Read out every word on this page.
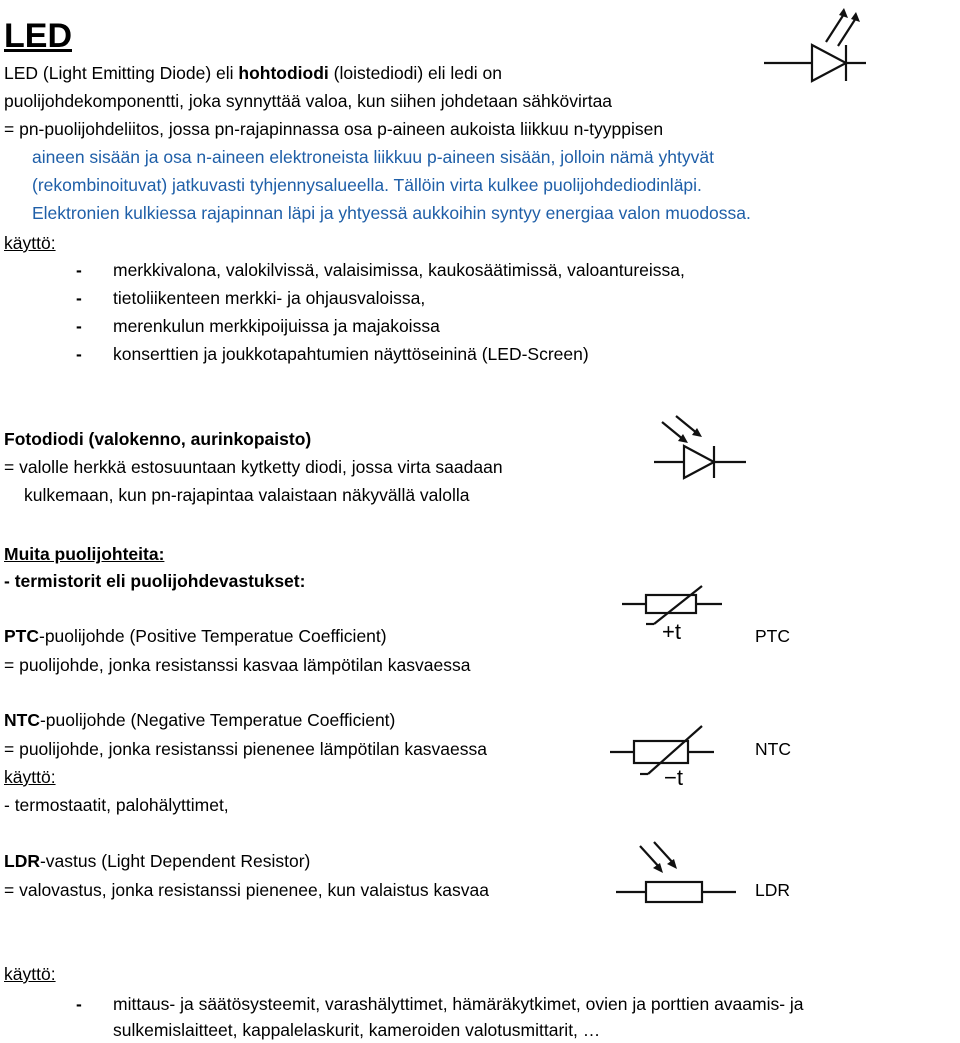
LED
LED (Light Emitting Diode) eli hohtodiodi (loistediodi) eli ledi on
puolijohdekomponentti, joka synnyttää valoa, kun siihen johdetaan sähkövirtaa
= pn-puolijohdeliitos, jossa pn-rajapinnassa osa p-aineen aukoista liikkuu n-tyyppisen
aineen sisään ja osa n-aineen elektroneista liikkuu p-aineen sisään, jolloin nämä yhtyvät
(rekombinoituvat) jatkuvasti tyhjennysalueella. Tällöin virta kulkee puolijohdediodinläpi.
Elektronien kulkiessa rajapinnan läpi ja yhtyessä aukkoihin syntyy energiaa valon muodossa.
käyttö:
- merkkivalona, valokilvissä, valaisimissa, kaukosäätimissä, valoantureissa,
- tietoliikenteen merkki- ja ohjausvaloissa,
- merenkulun merkkipoijuissa ja majakoissa
- konserttien ja joukkotapahtumien näyttöseininä (LED-Screen)
Fotodiodi (valokenno, aurinkopaisto)
= valolle herkkä estosuuntaan kytketty diodi, jossa virta saadaan
kulkemaan, kun pn-rajapintaa valaistaan näkyvällä valolla
Muita puolijohteita:
- termistorit eli puolijohdevastukset:
PTC-puolijohde (Positive Temperatue Coefficient)
= puolijohde, jonka resistanssi kasvaa lämpötilan kasvaessa
+t	PTC
NTC-puolijohde (Negative Temperatue Coefficient)
= puolijohde, jonka resistanssi pienenee lämpötilan kasvaessa
käyttö:
- termostaatit, palohälyttimet,
−t
NTC
LDR-vastus (Light Dependent Resistor)
= valovastus, jonka resistanssi pienenee, kun valaistus kasvaa	LDR
käyttö:
- mittaus- ja säätösysteemit, varashälyttimet, hämäräkytkimet, ovien ja porttien avaamis- ja
sulkemislaitteet, kappalelaskurit, kameroiden valotusmittarit, …
